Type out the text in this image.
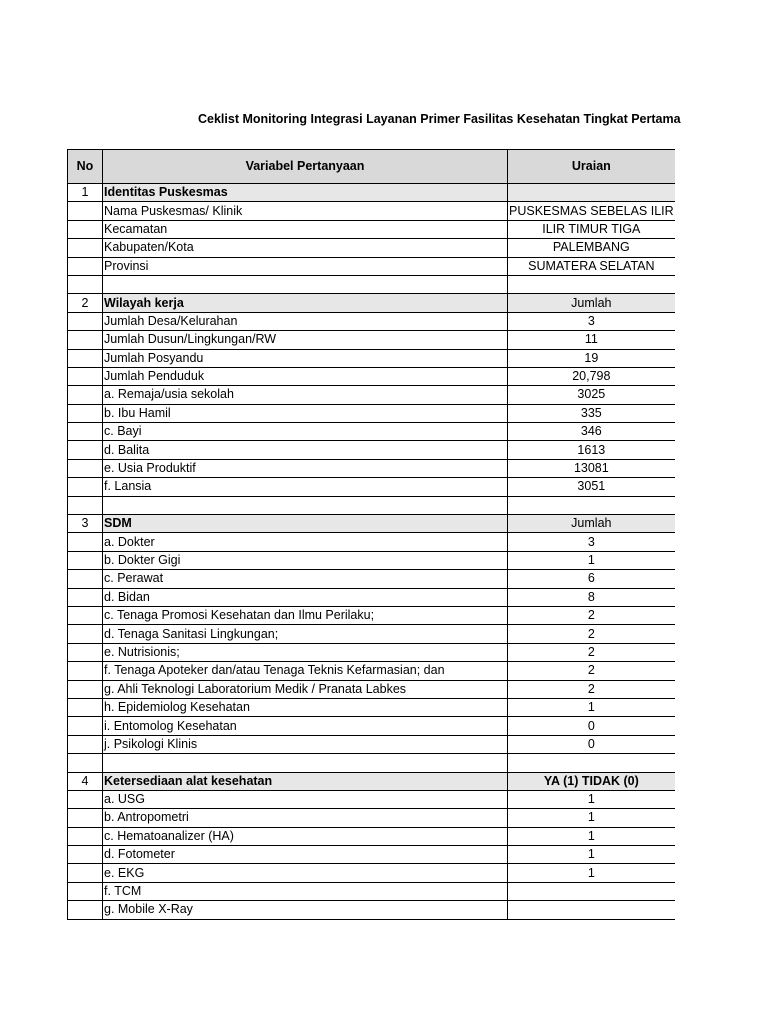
Ceklist Monitoring Integrasi Layanan Primer Fasilitas Kesehatan Tingkat Pertama
No	Variabel Pertanyaan	Uraian
1	Identitas Puskesmas	
	Nama Puskesmas/ Klinik	PUSKESMAS SEBELAS ILIR
	Kecamatan	ILIR TIMUR TIGA
	Kabupaten/Kota	PALEMBANG
	Provinsi	SUMATERA SELATAN

2	Wilayah kerja	Jumlah
	Jumlah Desa/Kelurahan	3
	Jumlah Dusun/Lingkungan/RW	11
	Jumlah Posyandu	19
	Jumlah Penduduk	20,798
	a. Remaja/usia sekolah	3025
	b. Ibu Hamil	335
	c. Bayi	346
	d. Balita	1613
	e. Usia Produktif	13081
	f. Lansia	3051

3	SDM	Jumlah
	a. Dokter	3
	b. Dokter Gigi	1
	c. Perawat	6
	d. Bidan	8
	c. Tenaga Promosi Kesehatan dan Ilmu Perilaku;	2
	d. Tenaga Sanitasi Lingkungan;	2
	e. Nutrisionis;	2
	f. Tenaga Apoteker dan/atau Tenaga Teknis Kefarmasian; dan	2
	g. Ahli Teknologi Laboratorium Medik / Pranata Labkes	2
	h. Epidemiolog Kesehatan	1
	i. Entomolog Kesehatan	0
	j. Psikologi Klinis	0

4	Ketersediaan alat kesehatan	YA (1) TIDAK (0)
	a. USG	1
	b. Antropometri	1
	c. Hematoanalizer (HA)	1
	d. Fotometer	1
	e. EKG	1
	f. TCM	
	g. Mobile X-Ray	
